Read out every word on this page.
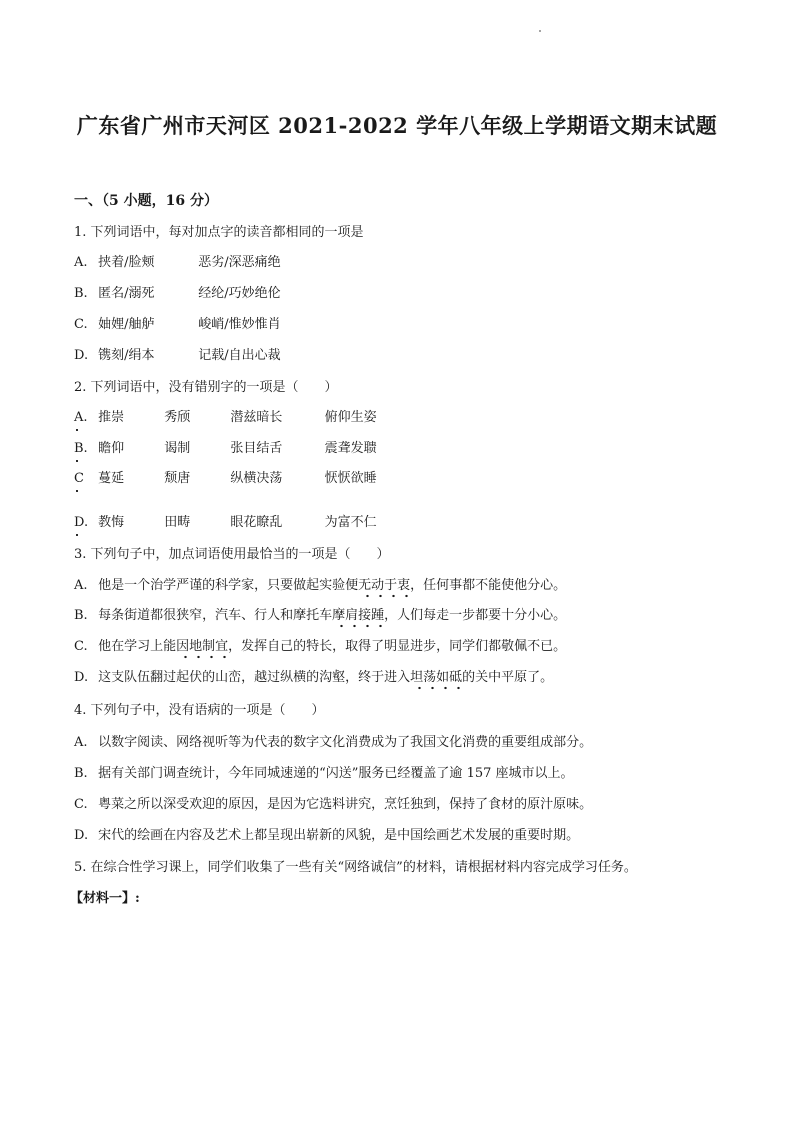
广东省广州市天河区 2021-2022 学年八年级上学期语文期末试题
一、（5 小题，16 分）
1. 下列词语中，每对加点字的读音都相同的一项是
A. 挟着/脸颊	恶劣/深恶痛绝
B. 匿名/溺死	经纶/巧妙绝伦
C. 妯娌/舳舻	峻峭/惟妙惟肖
D. 镌刻/绢本	记载/自出心裁
2. 下列词语中，没有错别字的一项是（　　）
A. 推崇	秀颀	潜兹暗长	俯仰生姿
B. 瞻仰	谒制	张目结舌	震聋发聩
C 蔓延	颓唐	纵横决荡	恹恹欲睡
D. 教悔	田畴	眼花瞭乱	为富不仁
3. 下列句子中，加点词语使用最恰当的一项是（　　）
A. 他是一个治学严谨的科学家，只要做起实验便无动于衷，任何事都不能使他分心。
B. 每条街道都很狭窄，汽车、行人和摩托车摩肩接踵，人们每走一步都要十分小心。
C. 他在学习上能因地制宜，发挥自己的特长，取得了明显进步，同学们都敬佩不已。
D. 这支队伍翻过起伏的山峦，越过纵横的沟壑，终于进入坦荡如砥的关中平原了。
4. 下列句子中，没有语病的一项是（　　）
A. 以数字阅读、网络视听等为代表的数字文化消费成为了我国文化消费的重要组成部分。
B. 据有关部门调查统计，今年同城速递的“闪送”服务已经覆盖了逾 157 座城市以上。
C. 粤菜之所以深受欢迎的原因，是因为它选料讲究，烹饪独到，保持了食材的原汁原味。
D. 宋代的绘画在内容及艺术上都呈现出崭新的风貌，是中国绘画艺术发展的重要时期。
5. 在综合性学习课上，同学们收集了一些有关“网络诚信”的材料，请根据材料内容完成学习任务。
【材料一】:
